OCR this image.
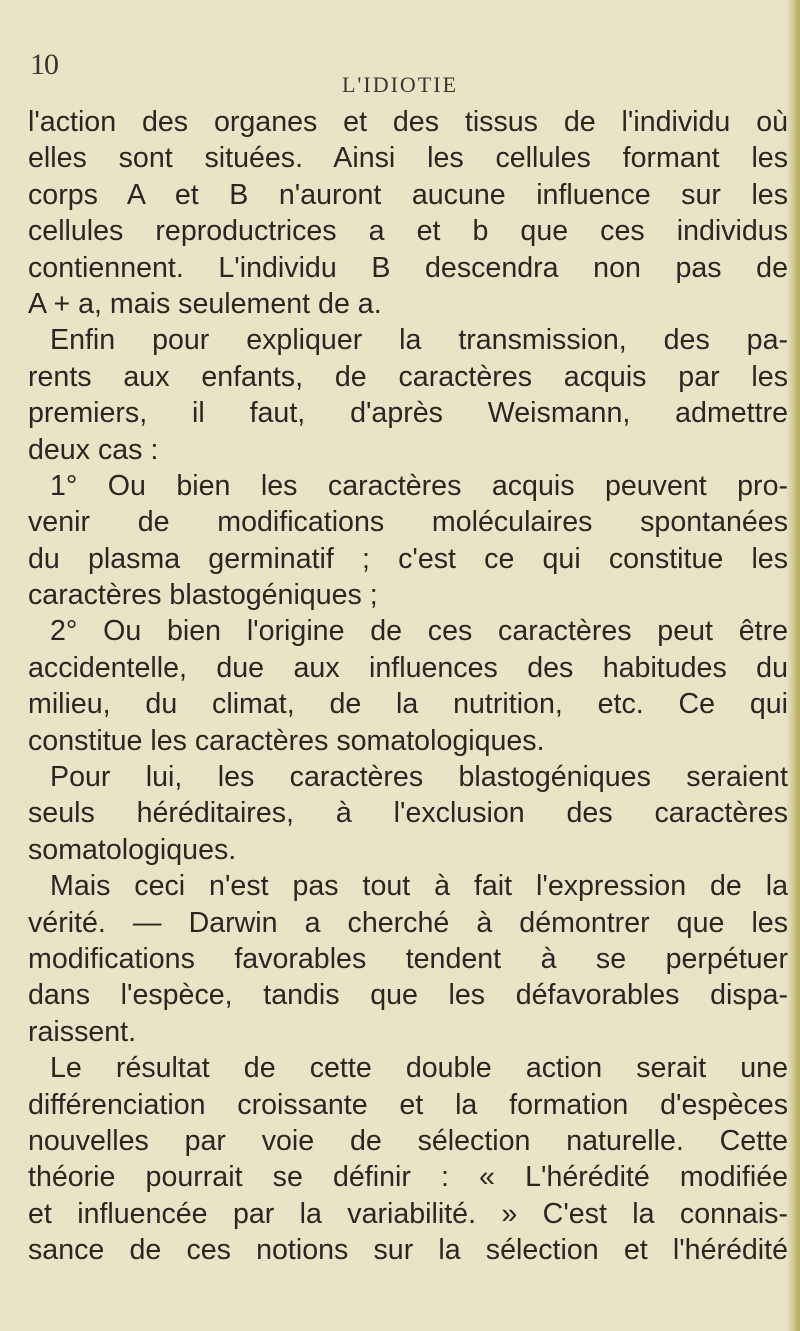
10
L'IDIOTIE
l'action des organes et des tissus de l'individu où
elles sont situées. Ainsi les cellules formant les
corps A et B n'auront aucune influence sur les
cellules reproductrices a et b que ces individus
contiennent. L'individu B descendra non pas de
A + a, mais seulement de a.
Enfin pour expliquer la transmission, des pa-
rents aux enfants, de caractères acquis par les
premiers, il faut, d'après Weismann, admettre
deux cas :
1° Ou bien les caractères acquis peuvent pro-
venir de modifications moléculaires spontanées
du plasma germinatif ; c'est ce qui constitue les
caractères blastogéniques ;
2° Ou bien l'origine de ces caractères peut être
accidentelle, due aux influences des habitudes du
milieu, du climat, de la nutrition, etc. Ce qui
constitue les caractères somatologiques.
Pour lui, les caractères blastogéniques seraient
seuls héréditaires, à l'exclusion des caractères
somatologiques.
Mais ceci n'est pas tout à fait l'expression de la
vérité. — Darwin a cherché à démontrer que les
modifications favorables tendent à se perpétuer
dans l'espèce, tandis que les défavorables dispa-
raissent.
Le résultat de cette double action serait une
différenciation croissante et la formation d'espèces
nouvelles par voie de sélection naturelle. Cette
théorie pourrait se définir : « L'hérédité modifiée
et influencée par la variabilité. » C'est la connais-
sance de ces notions sur la sélection et l'hérédité
